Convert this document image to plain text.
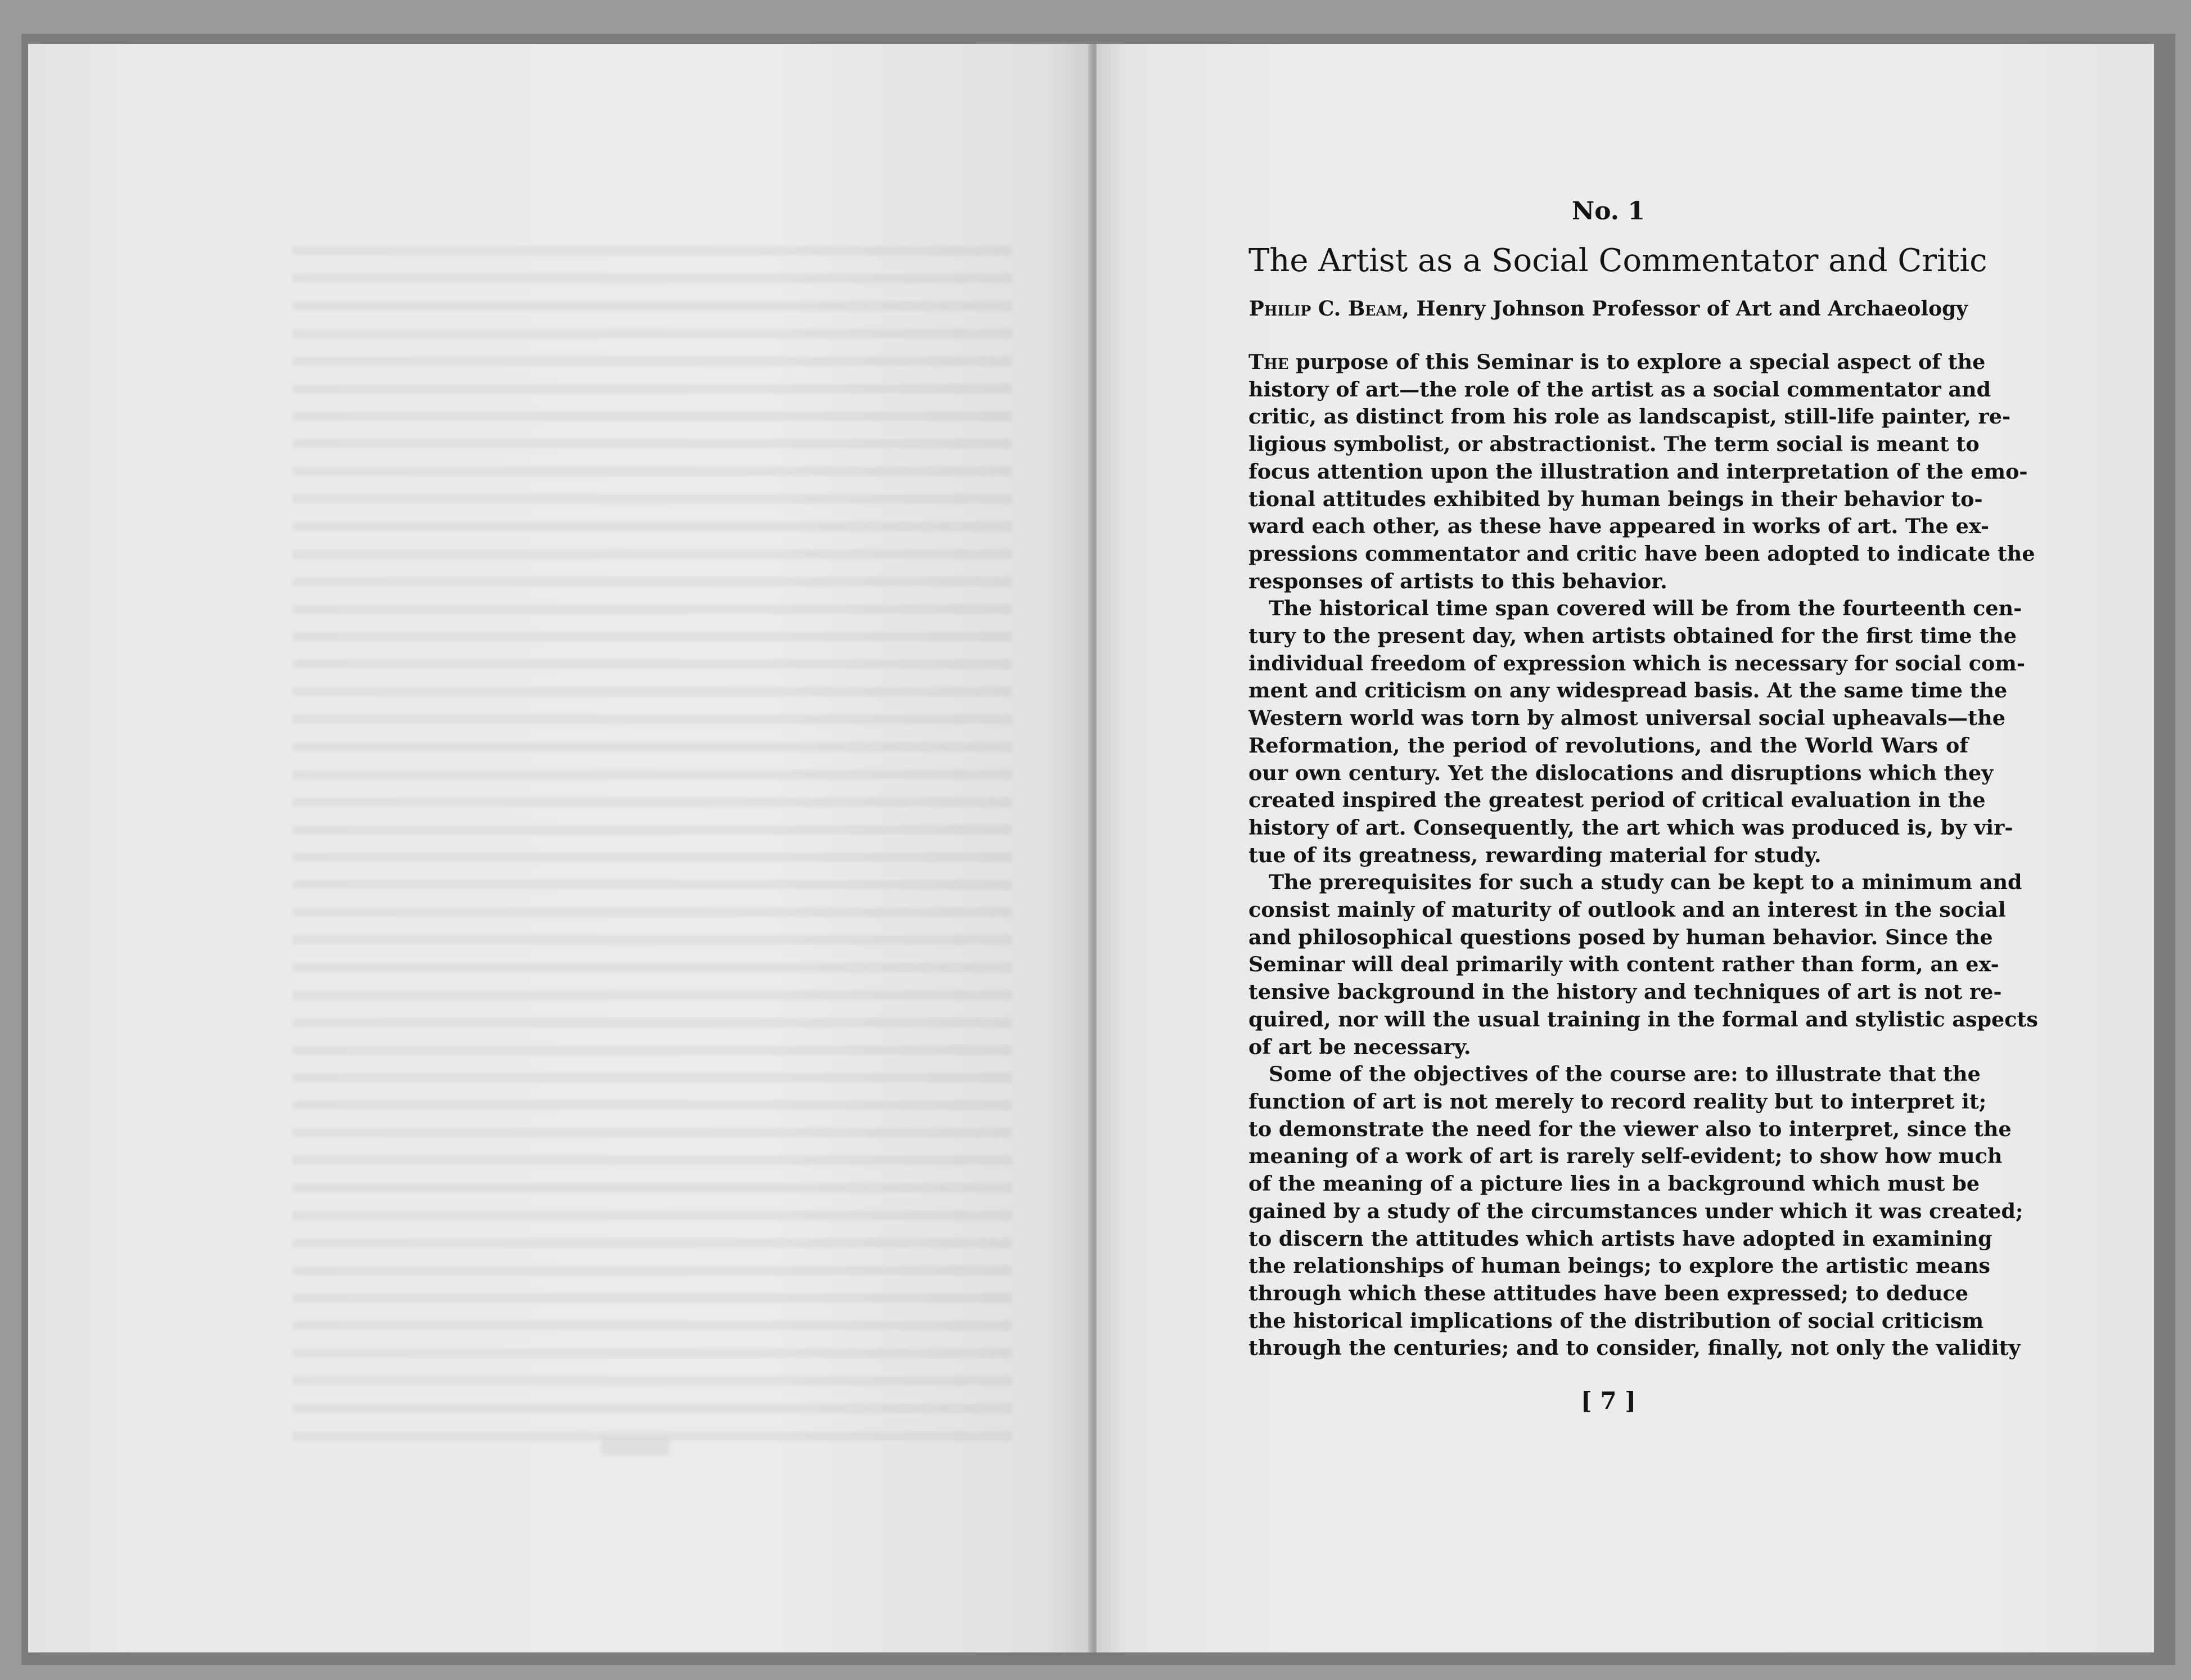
No. 1
The Artist as a Social Commentator and Critic
Philip C. Beam, Henry Johnson Professor of Art and Archaeology
The purpose of this Seminar is to explore a special aspect of the
history of art—the role of the artist as a social commentator and
critic, as distinct from his role as landscapist, still-life painter, re-
ligious symbolist, or abstractionist. The term social is meant to
focus attention upon the illustration and interpretation of the emo-
tional attitudes exhibited by human beings in their behavior to-
ward each other, as these have appeared in works of art. The ex-
pressions commentator and critic have been adopted to indicate the
responses of artists to this behavior.
The historical time span covered will be from the fourteenth cen-
tury to the present day, when artists obtained for the first time the
individual freedom of expression which is necessary for social com-
ment and criticism on any widespread basis. At the same time the
Western world was torn by almost universal social upheavals—the
Reformation, the period of revolutions, and the World Wars of
our own century. Yet the dislocations and disruptions which they
created inspired the greatest period of critical evaluation in the
history of art. Consequently, the art which was produced is, by vir-
tue of its greatness, rewarding material for study.
The prerequisites for such a study can be kept to a minimum and
consist mainly of maturity of outlook and an interest in the social
and philosophical questions posed by human behavior. Since the
Seminar will deal primarily with content rather than form, an ex-
tensive background in the history and techniques of art is not re-
quired, nor will the usual training in the formal and stylistic aspects
of art be necessary.
Some of the objectives of the course are: to illustrate that the
function of art is not merely to record reality but to interpret it;
to demonstrate the need for the viewer also to interpret, since the
meaning of a work of art is rarely self-evident; to show how much
of the meaning of a picture lies in a background which must be
gained by a study of the circumstances under which it was created;
to discern the attitudes which artists have adopted in examining
the relationships of human beings; to explore the artistic means
through which these attitudes have been expressed; to deduce
the historical implications of the distribution of social criticism
through the centuries; and to consider, finally, not only the validity
[ 7 ]
